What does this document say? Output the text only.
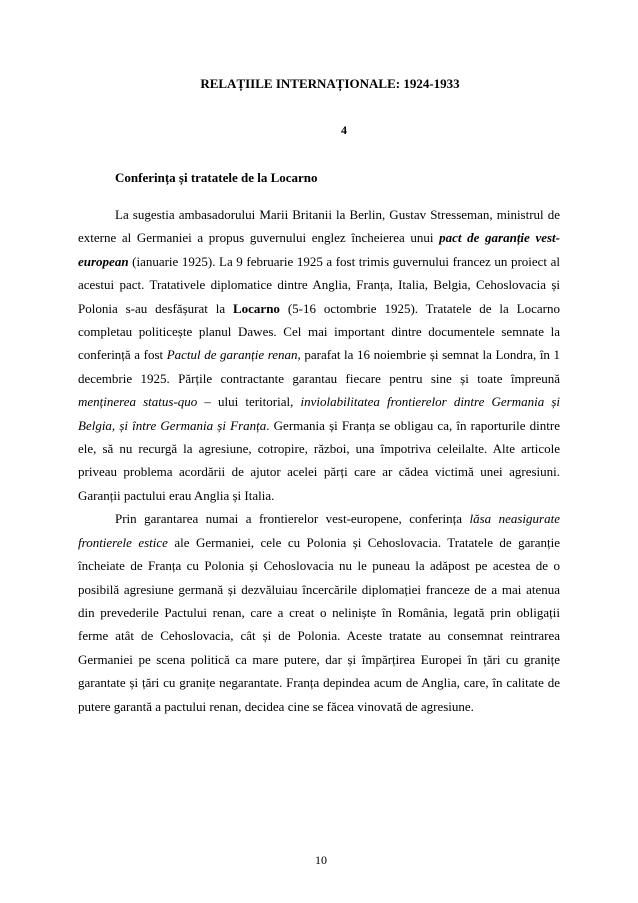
RELAȚIILE INTERNAȚIONALE: 1924-1933
4
Conferința și tratatele de la Locarno

La sugestia ambasadorului Marii Britanii la Berlin, Gustav Stresseman, ministrul de externe al Germaniei a propus guvernului englez încheierea unui pact de garanție vest-european (ianuarie 1925). La 9 februarie 1925 a fost trimis guvernului francez un proiect al acestui pact. Tratativele diplomatice dintre Anglia, Franța, Italia, Belgia, Cehoslovacia și Polonia s-au desfășurat la Locarno (5-16 octombrie 1925). Tratatele de la Locarno completau politicește planul Dawes. Cel mai important dintre documentele semnate la conferință a fost Pactul de garanție renan, parafat la 16 noiembrie și semnat la Londra, în 1 decembrie 1925. Părțile contractante garantau fiecare pentru sine și toate împreună menținerea status-quo – ului teritorial, inviolabilitatea frontierelor dintre Germania și Belgia, și între Germania și Franța. Germania și Franța se obligau ca, în raporturile dintre ele, să nu recurgă la agresiune, cotropire, război, una împotriva celeilalte. Alte articole priveau problema acordării de ajutor acelei părți care ar cădea victimă unei agresiuni. Garanții pactului erau Anglia și Italia.

Prin garantarea numai a frontierelor vest-europene, conferința lăsa neasigurate frontierele estice ale Germaniei, cele cu Polonia și Cehoslovacia. Tratatele de garanție încheiate de Franța cu Polonia și Cehoslovacia nu le puneau la adăpost pe acestea de o posibilă agresiune germană și dezvăluiau încercările diplomației franceze de a mai atenua din prevederile Pactului renan, care a creat o neliniște în România, legată prin obligații ferme atât de Cehoslovacia, cât și de Polonia. Aceste tratate au consemnat reintrarea Germaniei pe scena politică ca mare putere, dar și împărțirea Europei în țări cu granițe garantate și țări cu granițe negarantate. Franța depindea acum de Anglia, care, în calitate de putere garantă a pactului renan, decidea cine se făcea vinovată de agresiune.

10
